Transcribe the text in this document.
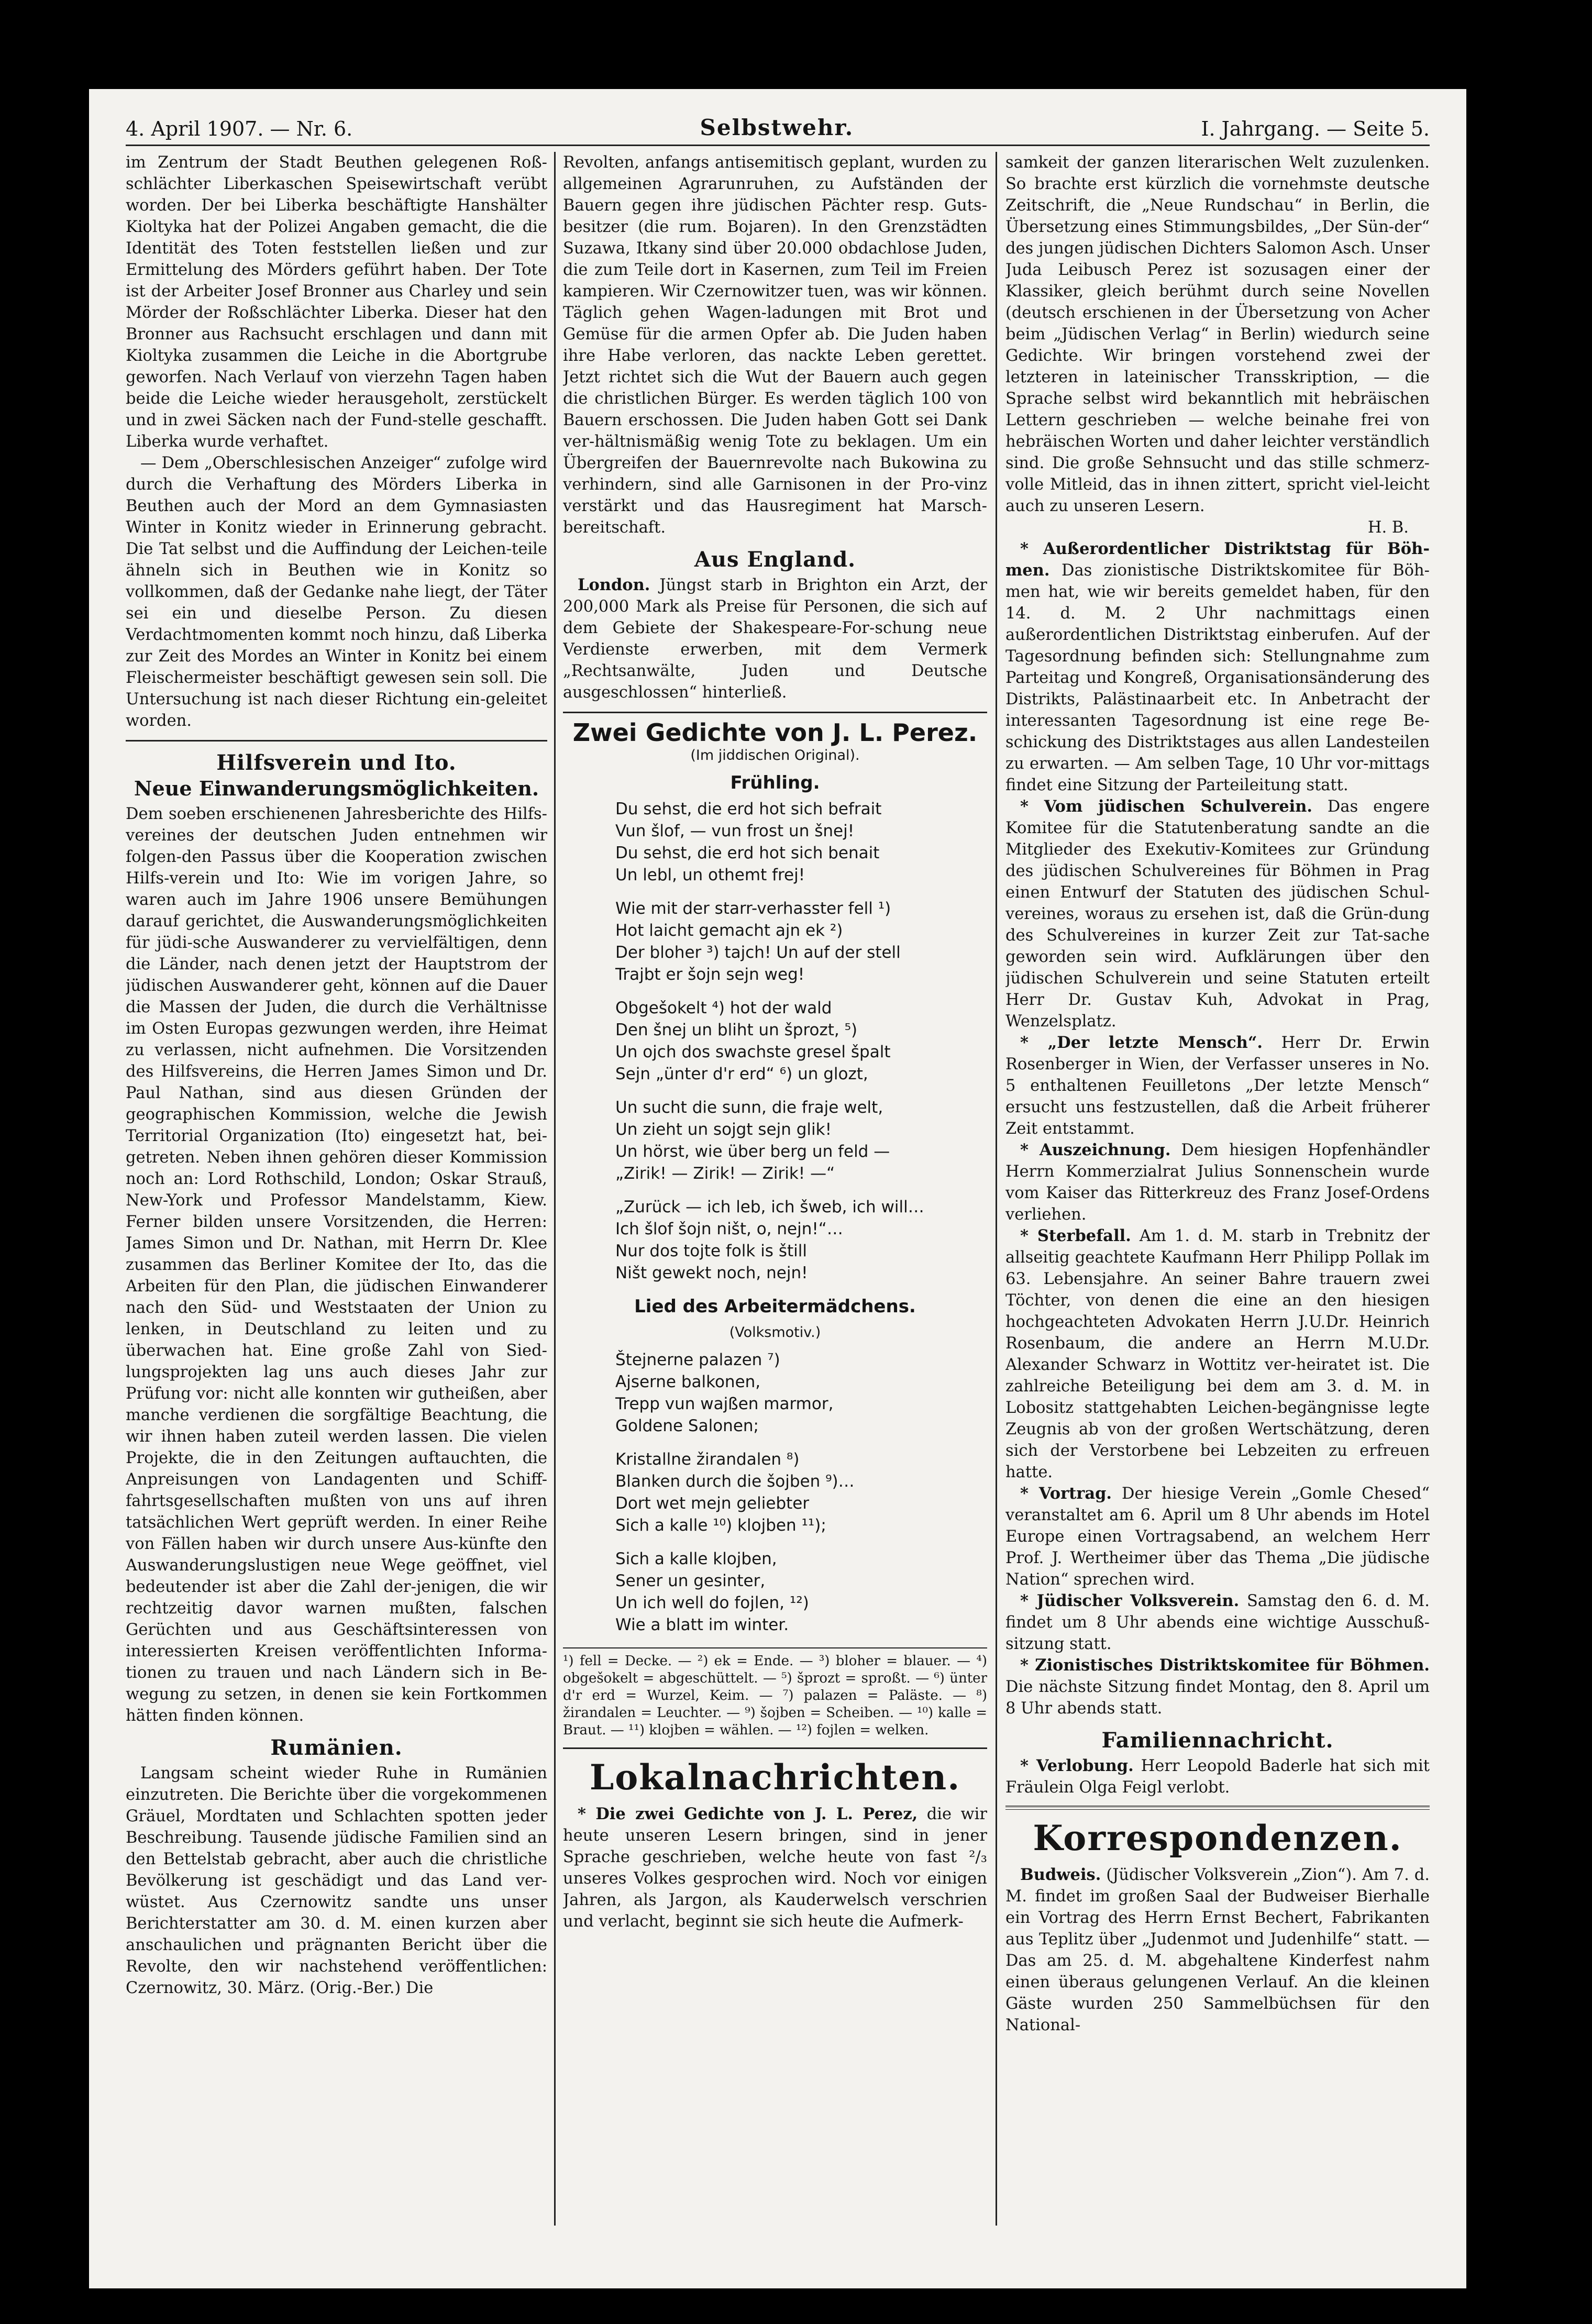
4. April 1907. — Nr. 6.	Selbstwehr.	I. Jahrgang. — Seite 5.

im Zentrum der Stadt Beuthen gelegenen Roß-schlächter Liberkaschen Speisewirtschaft verübt worden. Der bei Liberka beschäftigte Hanshälter Kioltyka hat der Polizei Angaben gemacht, die die Identität des Toten feststellen ließen und zur Ermittelung des Mörders geführt haben. Der Tote ist der Arbeiter Josef Bronner aus Charley und sein Mörder der Roßschlächter Liberka. Dieser hat den Bronner aus Rachsucht erschlagen und dann mit Kioltyka zusammen die Leiche in die Abortgrube geworfen. Nach Verlauf von vierzehn Tagen haben beide die Leiche wieder herausgeholt, zerstückelt und in zwei Säcken nach der Fund-stelle geschafft. Liberka wurde verhaftet.

— Dem „Oberschlesischen Anzeiger“ zufolge wird durch die Verhaftung des Mörders Liberka in Beuthen auch der Mord an dem Gymnasiasten Winter in Konitz wieder in Erinnerung gebracht. Die Tat selbst und die Auffindung der Leichen-teile ähneln sich in Beuthen wie in Konitz so vollkommen, daß der Gedanke nahe liegt, der Täter sei ein und dieselbe Person. Zu diesen Verdachtmomenten kommt noch hinzu, daß Liberka zur Zeit des Mordes an Winter in Konitz bei einem Fleischermeister beschäftigt gewesen sein soll. Die Untersuchung ist nach dieser Richtung ein-geleitet worden.

Hilfsverein und Ito.
Neue Einwanderungsmöglichkeiten.

Dem soeben erschienenen Jahresberichte des Hilfs-vereines der deutschen Juden entnehmen wir folgen-den Passus über die Kooperation zwischen Hilfs-verein und Ito: Wie im vorigen Jahre, so waren auch im Jahre 1906 unsere Bemühungen darauf gerichtet, die Auswanderungsmöglichkeiten für jüdi-sche Auswanderer zu vervielfältigen, denn die Länder, nach denen jetzt der Hauptstrom der jüdischen Auswanderer geht, können auf die Dauer die Massen der Juden, die durch die Verhältnisse im Osten Europas gezwungen werden, ihre Heimat zu verlassen, nicht aufnehmen. Die Vorsitzenden des Hilfsvereins, die Herren James Simon und Dr. Paul Nathan, sind aus diesen Gründen der geographischen Kommission, welche die Jewish Territorial Organization (Ito) eingesetzt hat, bei-getreten. Neben ihnen gehören dieser Kommission noch an: Lord Rothschild, London; Oskar Strauß, New-York und Professor Mandelstamm, Kiew. Ferner bilden unsere Vorsitzenden, die Herren: James Simon und Dr. Nathan, mit Herrn Dr. Klee zusammen das Berliner Komitee der Ito, das die Arbeiten für den Plan, die jüdischen Einwanderer nach den Süd- und Weststaaten der Union zu lenken, in Deutschland zu leiten und zu überwachen hat. Eine große Zahl von Sied-lungsprojekten lag uns auch dieses Jahr zur Prüfung vor: nicht alle konnten wir gutheißen, aber manche verdienen die sorgfältige Beachtung, die wir ihnen haben zuteil werden lassen. Die vielen Projekte, die in den Zeitungen auftauchten, die Anpreisungen von Landagenten und Schiff-fahrtsgesellschaften mußten von uns auf ihren tatsächlichen Wert geprüft werden. In einer Reihe von Fällen haben wir durch unsere Aus-künfte den Auswanderungslustigen neue Wege geöffnet, viel bedeutender ist aber die Zahl der-jenigen, die wir rechtzeitig davor warnen mußten, falschen Gerüchten und aus Geschäftsinteressen von interessierten Kreisen veröffentlichten Informa-tionen zu trauen und nach Ländern sich in Be-wegung zu setzen, in denen sie kein Fortkommen hätten finden können.

Rumänien.

Langsam scheint wieder Ruhe in Rumänien einzutreten. Die Berichte über die vorgekommenen Gräuel, Mordtaten und Schlachten spotten jeder Beschreibung. Tausende jüdische Familien sind an den Bettelstab gebracht, aber auch die christliche Bevölkerung ist geschädigt und das Land ver-wüstet. Aus Czernowitz sandte uns unser Berichterstatter am 30. d. M. einen kurzen aber anschaulichen und prägnanten Bericht über die Revolte, den wir nachstehend veröffentlichen: Czernowitz, 30. März. (Orig.-Ber.) Die

Revolten, anfangs antisemitisch geplant, wurden zu allgemeinen Agrarunruhen, zu Aufständen der Bauern gegen ihre jüdischen Pächter resp. Guts-besitzer (die rum. Bojaren). In den Grenzstädten Suzawa, Itkany sind über 20.000 obdachlose Juden, die zum Teile dort in Kasernen, zum Teil im Freien kampieren. Wir Czernowitzer tuen, was wir können. Täglich gehen Wagen-ladungen mit Brot und Gemüse für die armen Opfer ab. Die Juden haben ihre Habe verloren, das nackte Leben gerettet. Jetzt richtet sich die Wut der Bauern auch gegen die christlichen Bürger. Es werden täglich 100 von Bauern erschossen. Die Juden haben Gott sei Dank ver-hältnismäßig wenig Tote zu beklagen. Um ein Übergreifen der Bauernrevolte nach Bukowina zu verhindern, sind alle Garnisonen in der Pro-vinz verstärkt und das Hausregiment hat Marsch-bereitschaft.

Aus England.

London. Jüngst starb in Brighton ein Arzt, der 200,000 Mark als Preise für Personen, die sich auf dem Gebiete der Shakespeare-For-schung neue Verdienste erwerben, mit dem Vermerk „Rechtsanwälte, Juden und Deutsche ausgeschlossen“ hinterließ.

Zwei Gedichte von J. L. Perez.
(Im jiddischen Original).
Frühling.
Du sehst, die erd hot sich befrait
Vun šlof, — vun frost un šnej!
Du sehst, die erd hot sich benait
Un lebl, un othemt frej!
Wie mit der starr-verhasster fell ¹)
Hot laicht gemacht ajn ek ²)
Der bloher ³) tajch! Un auf der stell
Trajbt er šojn sejn weg!
Obgešokelt ⁴) hot der wald
Den šnej un bliht un šprozt, ⁵)
Un ojch dos swachste gresel špalt
Sejn „ünter d'r erd“ ⁶) un glozt,
Un sucht die sunn, die fraje welt,
Un zieht un sojgt sejn glik!
Un hörst, wie über berg un feld —
„Zirik! — Zirik! — Zirik! —“
„Zurück — ich leb, ich šweb, ich will…
Ich šlof šojn ništ, o, nejn!“…
Nur dos tojte folk is štill
Ništ gewekt noch, nejn!
Lied des Arbeitermädchens.
(Volksmotiv.)
Štejnerne palazen ⁷)
Ajserne balkonen,
Trepp vun wajßen marmor,
Goldene Salonen;
Kristallne žirandalen ⁸)
Blanken durch die šojben ⁹)…
Dort wet mejn geliebter
Sich a kalle ¹⁰) klojben ¹¹);
Sich a kalle klojben,
Sener un gesinter,
Un ich well do fojlen, ¹²)
Wie a blatt im winter.
¹) fell = Decke. — ²) ek = Ende. — ³) bloher = blauer. — ⁴) obgešokelt = abgeschüttelt. — ⁵) šprozt = sproßt. — ⁶) ünter d'r erd = Wurzel, Keim. — ⁷) palazen = Paläste. — ⁸) žirandalen = Leuchter. — ⁹) šojben = Scheiben. — ¹⁰) kalle = Braut. — ¹¹) klojben = wählen. — ¹²) fojlen = welken.
Lokalnachrichten.

* Die zwei Gedichte von J. L. Perez, die wir heute unseren Lesern bringen, sind in jener Sprache geschrieben, welche heute von fast ²/₃ unseres Volkes gesprochen wird. Noch vor einigen Jahren, als Jargon, als Kauderwelsch verschrien und verlacht, beginnt sie sich heute die Aufmerk-

samkeit der ganzen literarischen Welt zuzulenken. So brachte erst kürzlich die vornehmste deutsche Zeitschrift, die „Neue Rundschau“ in Berlin, die Übersetzung eines Stimmungsbildes, „Der Sün-der“ des jungen jüdischen Dichters Salomon Asch. Unser Juda Leibusch Perez ist sozusagen einer der Klassiker, gleich berühmt durch seine Novellen (deutsch erschienen in der Übersetzung von Acher beim „Jüdischen Verlag“ in Berlin) wiedurch seine Gedichte. Wir bringen vorstehend zwei der letzteren in lateinischer Transskription, — die Sprache selbst wird bekanntlich mit hebräischen Lettern geschrieben — welche beinahe frei von hebräischen Worten und daher leichter verständlich sind. Die große Sehnsucht und das stille schmerz-volle Mitleid, das in ihnen zittert, spricht viel-leicht auch zu unseren Lesern.

H. B.

* Außerordentlicher Distriktstag für Böh-men. Das zionistische Distriktskomitee für Böh-men hat, wie wir bereits gemeldet haben, für den 14. d. M. 2 Uhr nachmittags einen außerordentlichen Distriktstag einberufen. Auf der Tagesordnung befinden sich: Stellungnahme zum Parteitag und Kongreß, Organisationsänderung des Distrikts, Palästinaarbeit etc. In Anbetracht der interessanten Tagesordnung ist eine rege Be-schickung des Distriktstages aus allen Landesteilen zu erwarten. — Am selben Tage, 10 Uhr vor-mittags findet eine Sitzung der Parteileitung statt.

* Vom jüdischen Schulverein. Das engere Komitee für die Statutenberatung sandte an die Mitglieder des Exekutiv-Komitees zur Gründung des jüdischen Schulvereines für Böhmen in Prag einen Entwurf der Statuten des jüdischen Schul-vereines, woraus zu ersehen ist, daß die Grün-dung des Schulvereines in kurzer Zeit zur Tat-sache geworden sein wird. Aufklärungen über den jüdischen Schulverein und seine Statuten erteilt Herr Dr. Gustav Kuh, Advokat in Prag, Wenzelsplatz.

* „Der letzte Mensch“. Herr Dr. Erwin Rosenberger in Wien, der Verfasser unseres in No. 5 enthaltenen Feuilletons „Der letzte Mensch“ ersucht uns festzustellen, daß die Arbeit früherer Zeit entstammt.

* Auszeichnung. Dem hiesigen Hopfenhändler Herrn Kommerzialrat Julius Sonnenschein wurde vom Kaiser das Ritterkreuz des Franz Josef-Ordens verliehen.

* Sterbefall. Am 1. d. M. starb in Trebnitz der allseitig geachtete Kaufmann Herr Philipp Pollak im 63. Lebensjahre. An seiner Bahre trauern zwei Töchter, von denen die eine an den hiesigen hochgeachteten Advokaten Herrn J.U.Dr. Heinrich Rosenbaum, die andere an Herrn M.U.Dr. Alexander Schwarz in Wottitz ver-heiratet ist. Die zahlreiche Beteiligung bei dem am 3. d. M. in Lobositz stattgehabten Leichen-begängnisse legte Zeugnis ab von der großen Wertschätzung, deren sich der Verstorbene bei Lebzeiten zu erfreuen hatte.

* Vortrag. Der hiesige Verein „Gomle Chesed“ veranstaltet am 6. April um 8 Uhr abends im Hotel Europe einen Vortragsabend, an welchem Herr Prof. J. Wertheimer über das Thema „Die jüdische Nation“ sprechen wird.

* Jüdischer Volksverein. Samstag den 6. d. M. findet um 8 Uhr abends eine wichtige Ausschuß-sitzung statt.

* Zionistisches Distriktskomitee für Böhmen. Die nächste Sitzung findet Montag, den 8. April um 8 Uhr abends statt.

Familiennachricht.

* Verlobung. Herr Leopold Baderle hat sich mit Fräulein Olga Feigl verlobt.

Korrespondenzen.

Budweis. (Jüdischer Volksverein „Zion“). Am 7. d. M. findet im großen Saal der Budweiser Bierhalle ein Vortrag des Herrn Ernst Bechert, Fabrikanten aus Teplitz über „Judenmot und Judenhilfe“ statt. — Das am 25. d. M. abgehaltene Kinderfest nahm einen überaus gelungenen Verlauf. An die kleinen Gäste wurden 250 Sammelbüchsen für den National-
